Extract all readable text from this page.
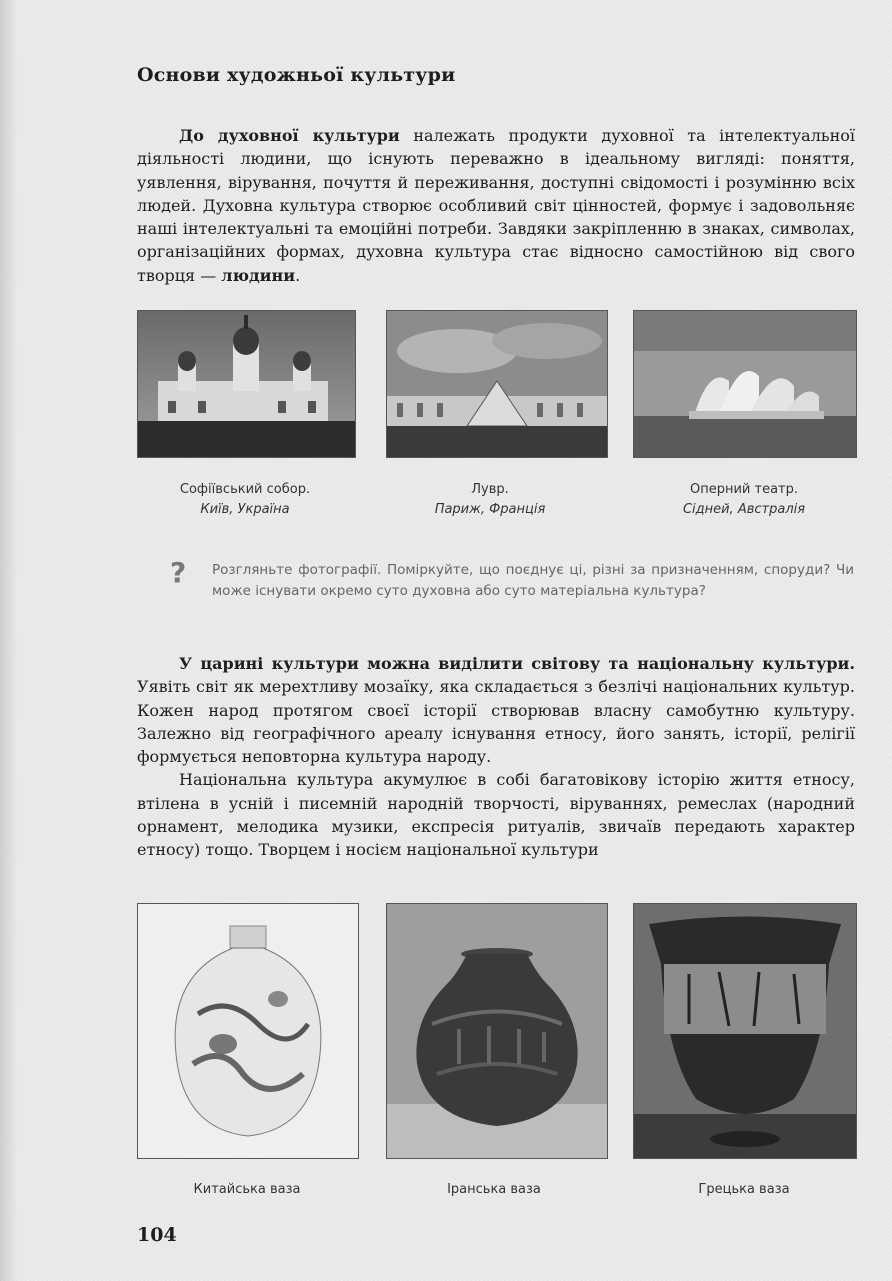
Основи художньої культури

До духовної культури належать продукти духовної та інтелектуальної діяльності людини, що існують переважно в ідеальному вигляді: поняття, уявлення, вірування, почуття й переживання, доступні свідомості і розумінню всіх людей. Духовна культура створює особливий світ цінностей, формує і задовольняє наші інтелектуальні та емоційні потреби. Завдяки закріпленню в знаках, символах, організаційних формах, духовна культура стає відносно самостійною від свого творця — людини.

Софіївський собор.
Київ, Україна
Лувр.
Париж, Франція
Оперний театр.
Сідней, Австралія
? Розгляньте фотографії. Поміркуйте, що поєднує ці, різні за призначенням, споруди? Чи може існувати окремо суто духовна або суто матеріальна культура?

У царині культури можна виділити світову та національну культури. Уявіть світ як мерехтливу мозаїку, яка складається з безлічі національних культур. Кожен народ протягом своєї історії створював власну самобутню культуру. Залежно від географічного ареалу існування етносу, його занять, історії, релігії формується неповторна культура народу.

Національна культура акумулює в собі багатовікову історію життя етносу, втілена в усній і писемній народній творчості, віруваннях, ремеслах (народний орнамент, мелодика музики, експресія ритуалів, звичаїв передають характер етносу) тощо. Творцем і носієм національної культури

Китайська ваза	Іранська ваза	Грецька ваза
104
